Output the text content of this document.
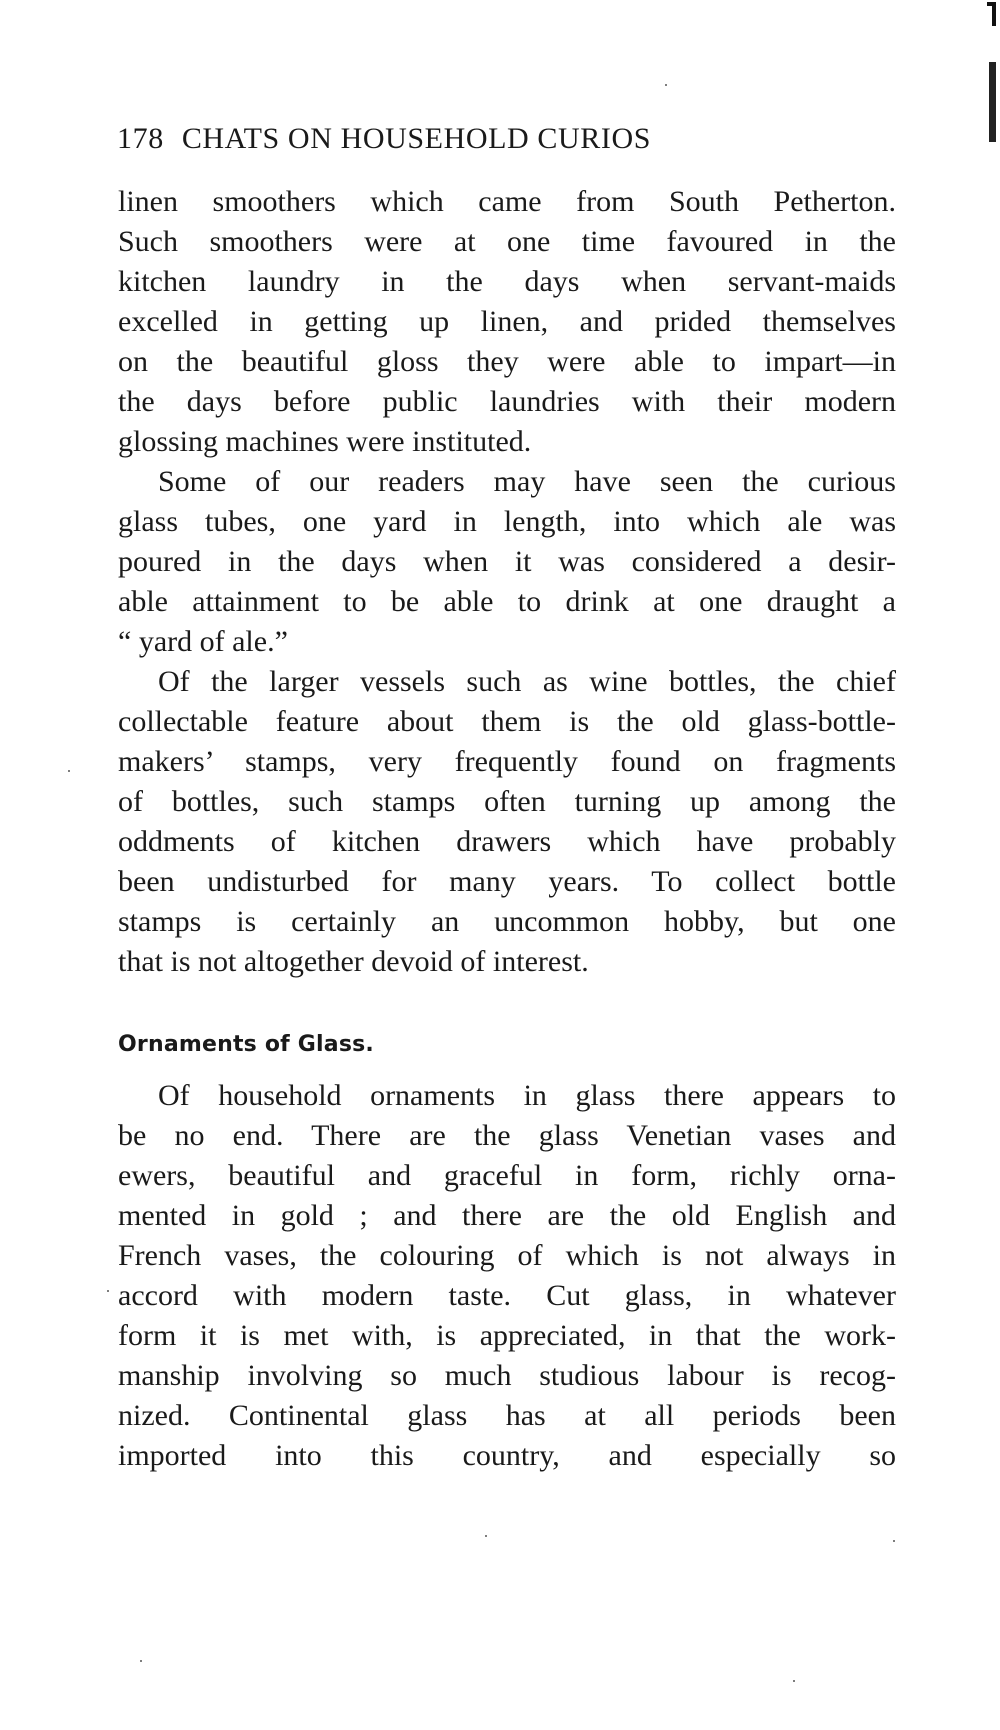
178 CHATS ON HOUSEHOLD CURIOS
linen smoothers which came from South Petherton.
Such smoothers were at one time favoured in the
kitchen laundry in the days when servant-maids
excelled in getting up linen, and prided themselves
on the beautiful gloss they were able to impart—in
the days before public laundries with their modern
glossing machines were instituted.
Some of our readers may have seen the curious
glass tubes, one yard in length, into which ale was
poured in the days when it was considered a desir-
able attainment to be able to drink at one draught a
“ yard of ale.”
Of the larger vessels such as wine bottles, the chief
collectable feature about them is the old glass-bottle-
makers’ stamps, very frequently found on fragments
of bottles, such stamps often turning up among the
oddments of kitchen drawers which have probably
been undisturbed for many years. To collect bottle
stamps is certainly an uncommon hobby, but one
that is not altogether devoid of interest.
Ornaments of Glass.
Of household ornaments in glass there appears to
be no end. There are the glass Venetian vases and
ewers, beautiful and graceful in form, richly orna-
mented in gold ; and there are the old English and
French vases, the colouring of which is not always in
accord with modern taste. Cut glass, in whatever
form it is met with, is appreciated, in that the work-
manship involving so much studious labour is recog-
nized. Continental glass has at all periods been
imported into this country, and especially so
